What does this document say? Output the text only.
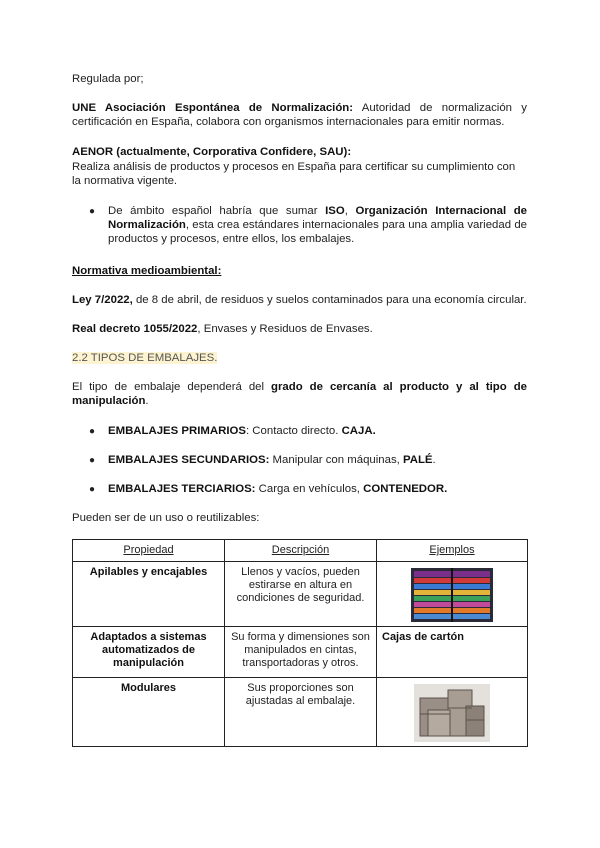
Regulada por;

UNE Asociación Espontánea de Normalización: Autoridad de normalización y certificación en España, colabora con organismos internacionales para emitir normas.

AENOR (actualmente, Corporativa Confidere, SAU):

Realiza análisis de productos y procesos en España para certificar su cumplimiento con la normativa vigente.

● De ámbito español habría que sumar ISO, Organización Internacional de Normalización, esta crea estándares internacionales para una amplia variedad de productos y procesos, entre ellos, los embalajes.

Normativa medioambiental:

Ley 7/2022, de 8 de abril, de residuos y suelos contaminados para una economía circular.

Real decreto 1055/2022, Envases y Residuos de Envases.

2.2 TIPOS DE EMBALAJES.

El tipo de embalaje dependerá del grado de cercanía al producto y al tipo de manipulación.

● EMBALAJES PRIMARIOS: Contacto directo. CAJA.

● EMBALAJES SECUNDARIOS: Manipular con máquinas, PALÉ.

● EMBALAJES TERCIARIOS: Carga en vehículos, CONTENEDOR.

Pueden ser de un uso o reutilizables:

Propiedad	Descripción	Ejemplos
Apilables y encajables	Llenos y vacíos, pueden estirarse en altura en condiciones de seguridad.	

Adaptados a sistemas automatizados de manipulación	Su forma y dimensiones son manipulados en cintas, transportadoras y otros.	Cajas de cartón
Modulares	Sus proporciones son ajustadas al embalaje.	
